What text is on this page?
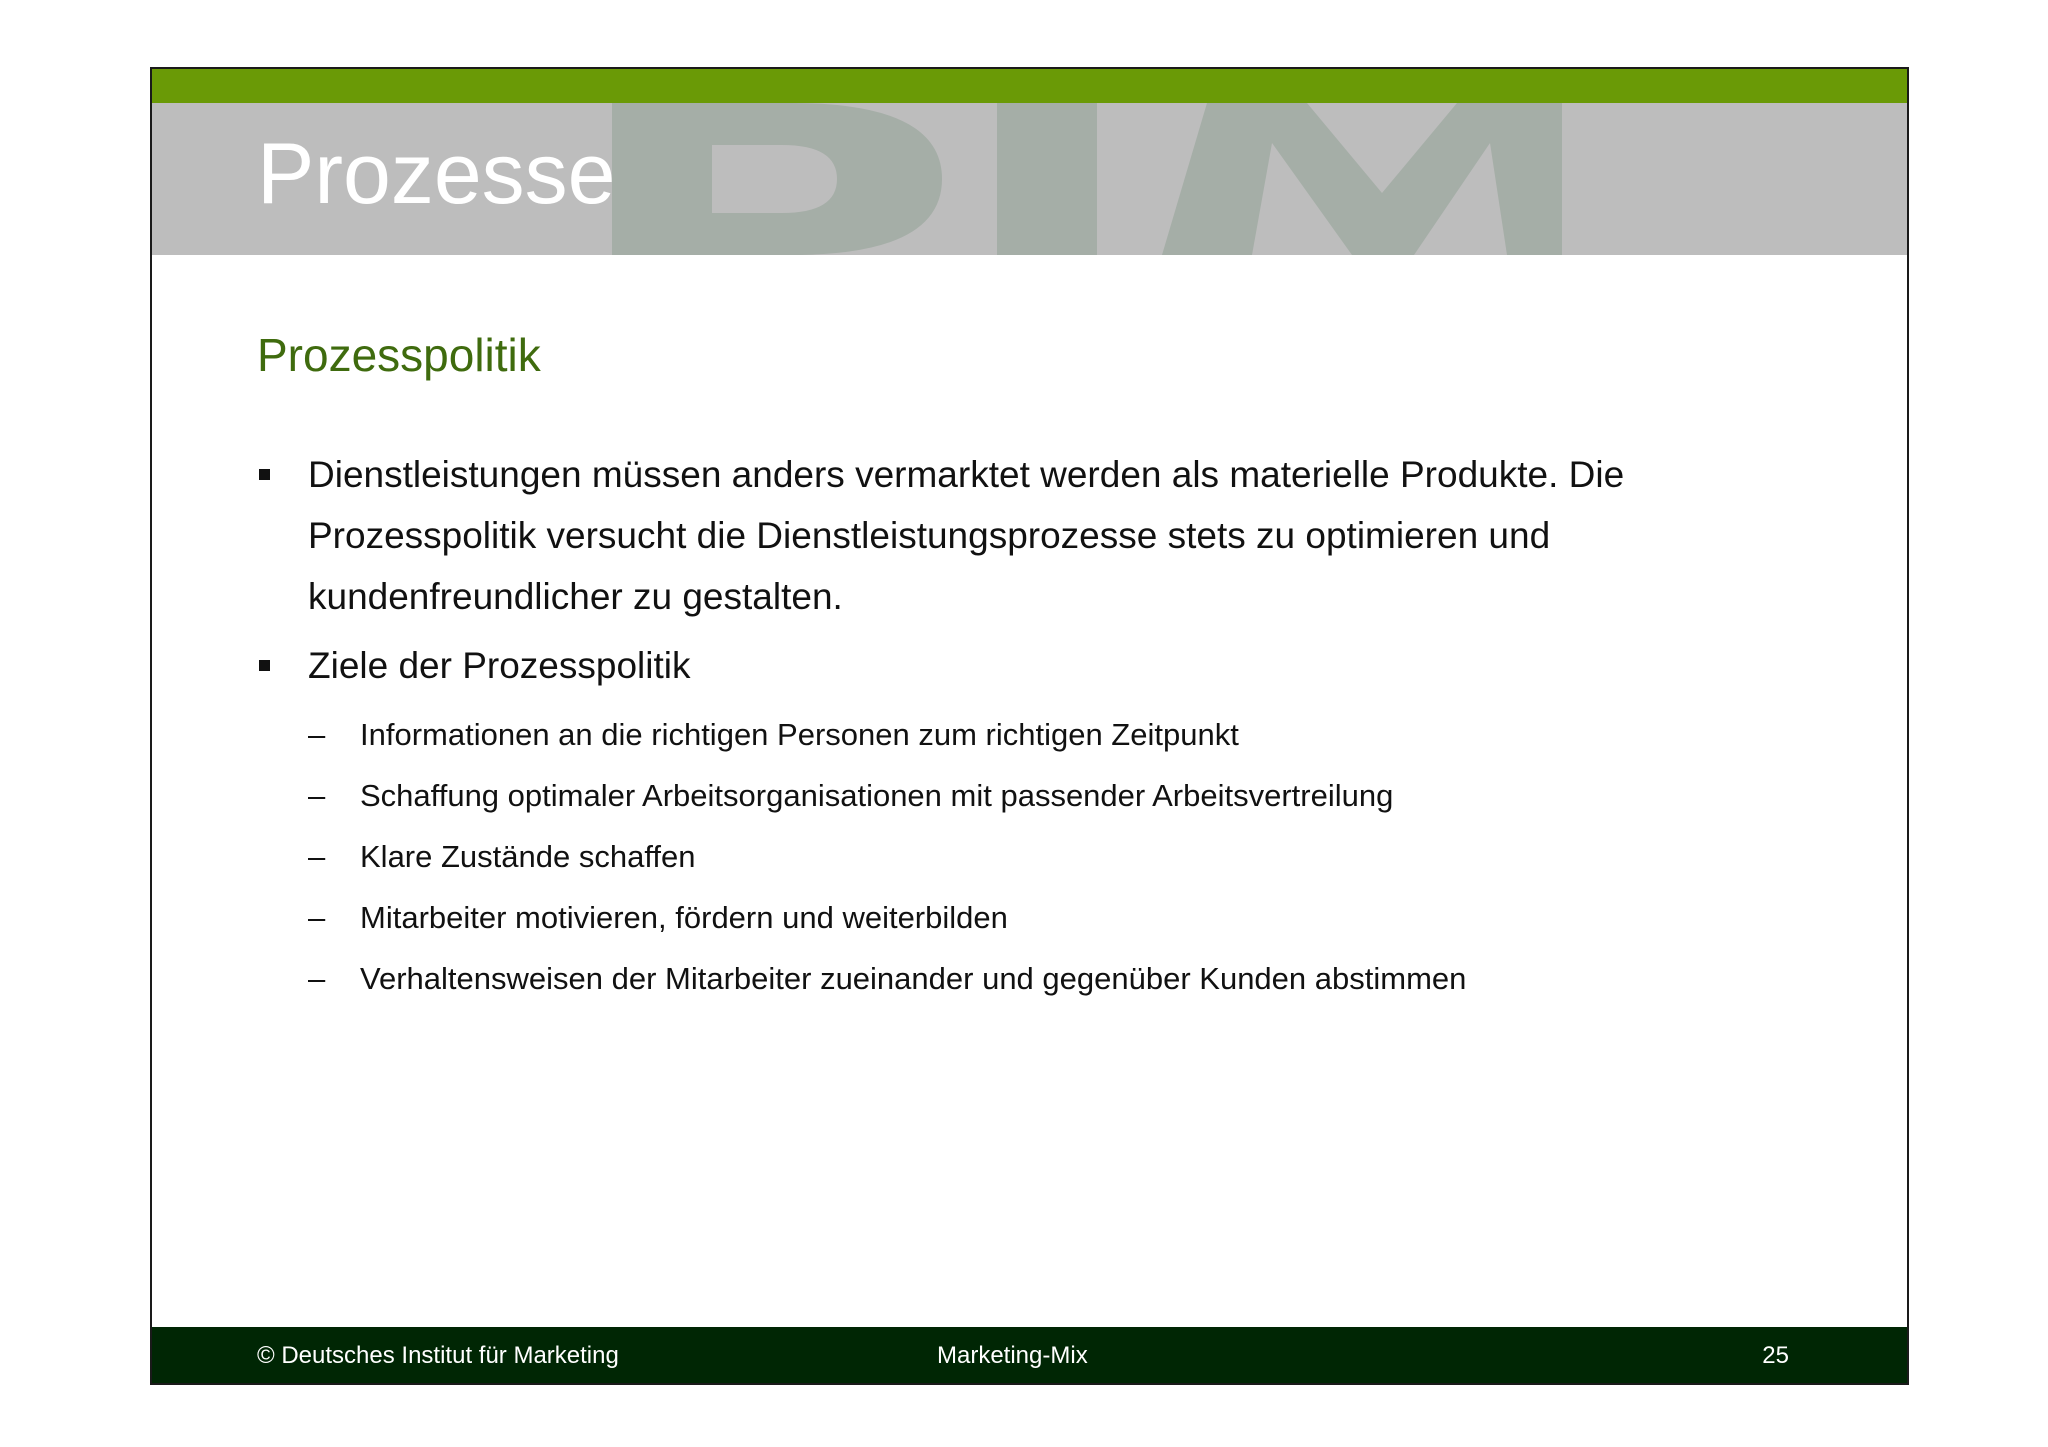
Prozesse
Prozesspolitik
Dienstleistungen müssen anders vermarktet werden als materielle Produkte. Die Prozesspolitik versucht die Dienstleistungsprozesse stets zu optimieren und kundenfreundlicher zu gestalten.
Ziele der Prozesspolitik
– Informationen an die richtigen Personen zum richtigen Zeitpunkt
– Schaffung optimaler Arbeitsorganisationen mit passender Arbeitsvertreilung
– Klare Zustände schaffen
– Mitarbeiter motivieren, fördern und weiterbilden
– Verhaltensweisen der Mitarbeiter zueinander und gegenüber Kunden abstimmen
© Deutsches Institut für Marketing	Marketing-Mix	25
